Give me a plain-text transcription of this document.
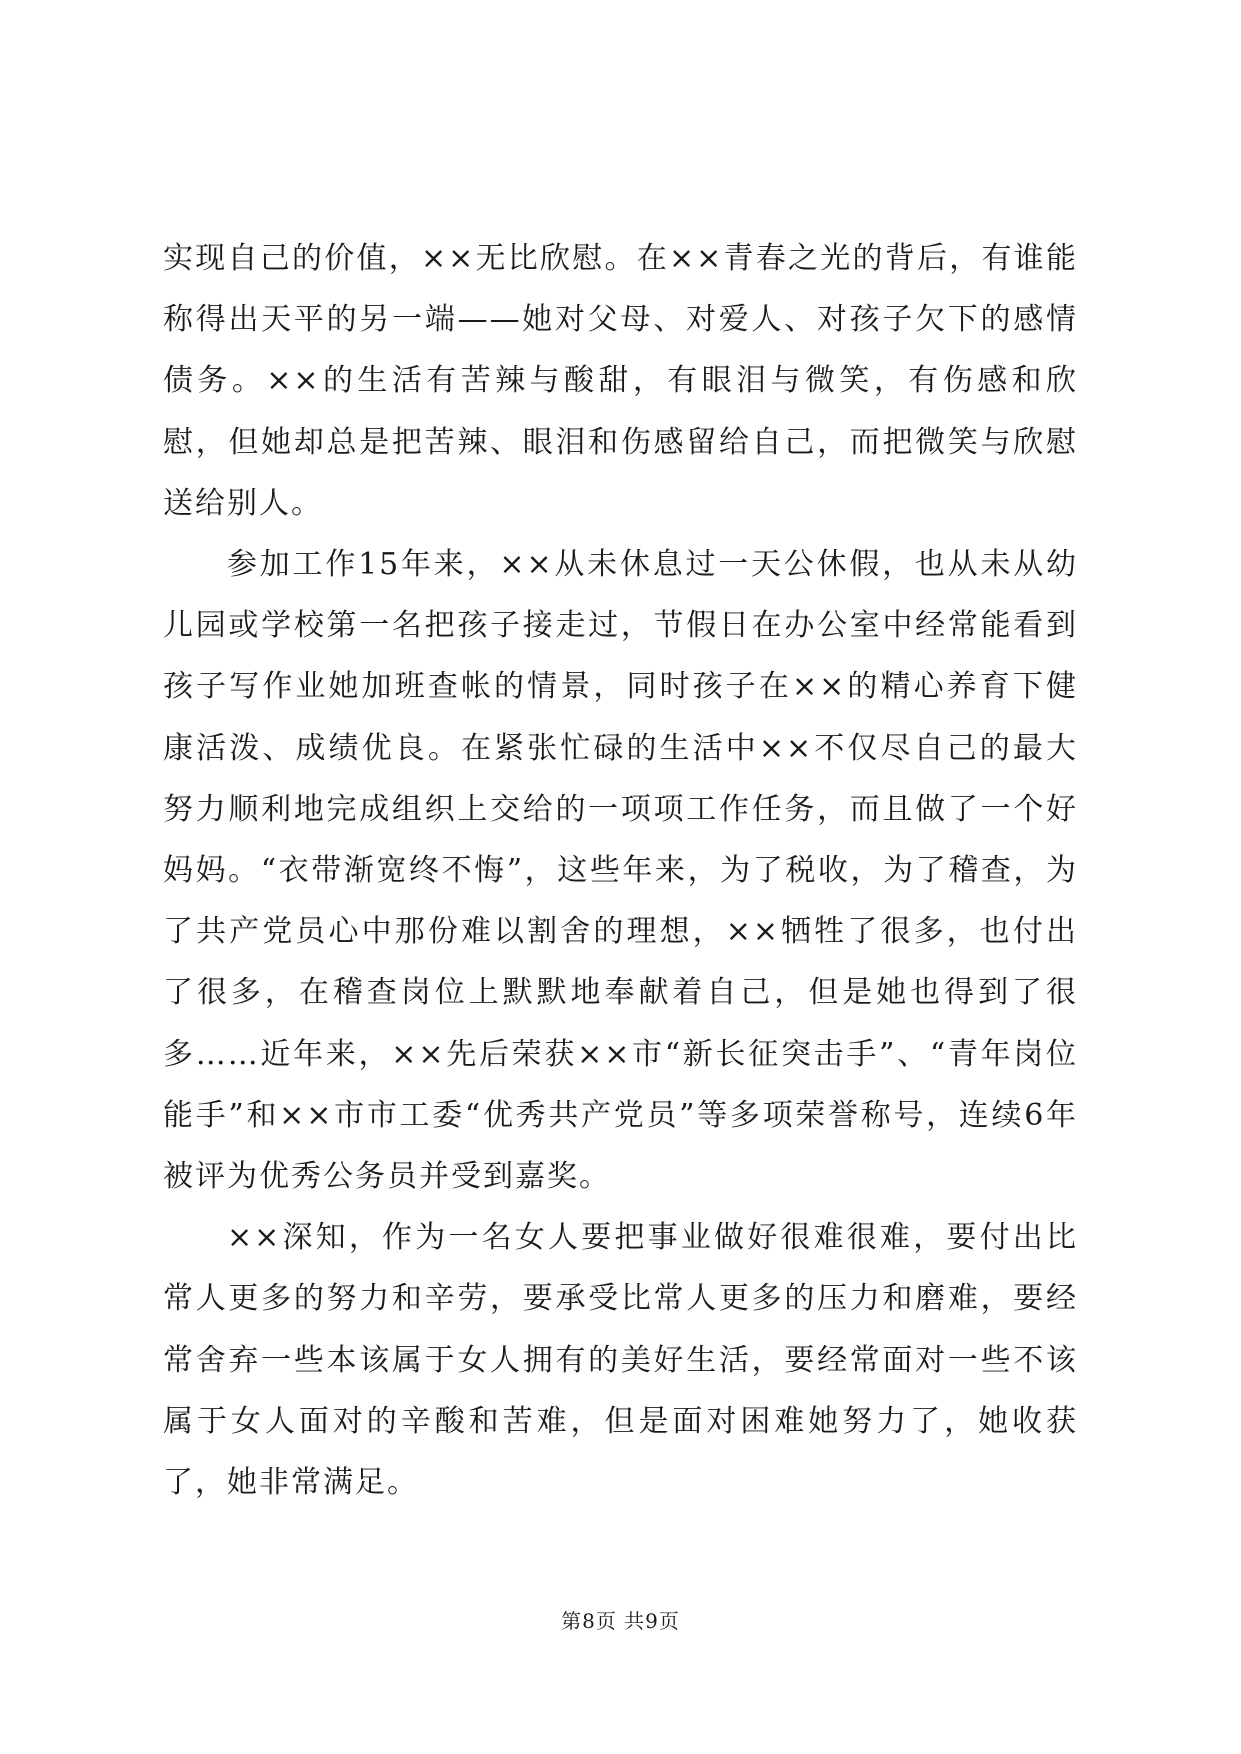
实现自己的价值，××无比欣慰。在××青春之光的背后，有谁能称得出天平的另一端——她对父母、对爱人、对孩子欠下的感情债务。××的生活有苦辣与酸甜，有眼泪与微笑，有伤感和欣慰，但她却总是把苦辣、眼泪和伤感留给自己，而把微笑与欣慰送给别人。

参加工作15年来，××从未休息过一天公休假，也从未从幼儿园或学校第一名把孩子接走过，节假日在办公室中经常能看到孩子写作业她加班查帐的情景，同时孩子在××的精心养育下健康活泼、成绩优良。在紧张忙碌的生活中××不仅尽自己的最大努力顺利地完成组织上交给的一项项工作任务，而且做了一个好妈妈。“衣带渐宽终不悔”，这些年来，为了税收，为了稽查，为了共产党员心中那份难以割舍的理想，××牺牲了很多，也付出了很多，在稽查岗位上默默地奉献着自己，但是她也得到了很多……近年来，××先后荣获××市“新长征突击手”、“青年岗位能手”和××市市工委“优秀共产党员”等多项荣誉称号，连续6年被评为优秀公务员并受到嘉奖。

××深知，作为一名女人要把事业做好很难很难，要付出比常人更多的努力和辛劳，要承受比常人更多的压力和磨难，要经常舍弃一些本该属于女人拥有的美好生活，要经常面对一些不该属于女人面对的辛酸和苦难，但是面对困难她努力了，她收获了，她非常满足。

第8页 共9页
